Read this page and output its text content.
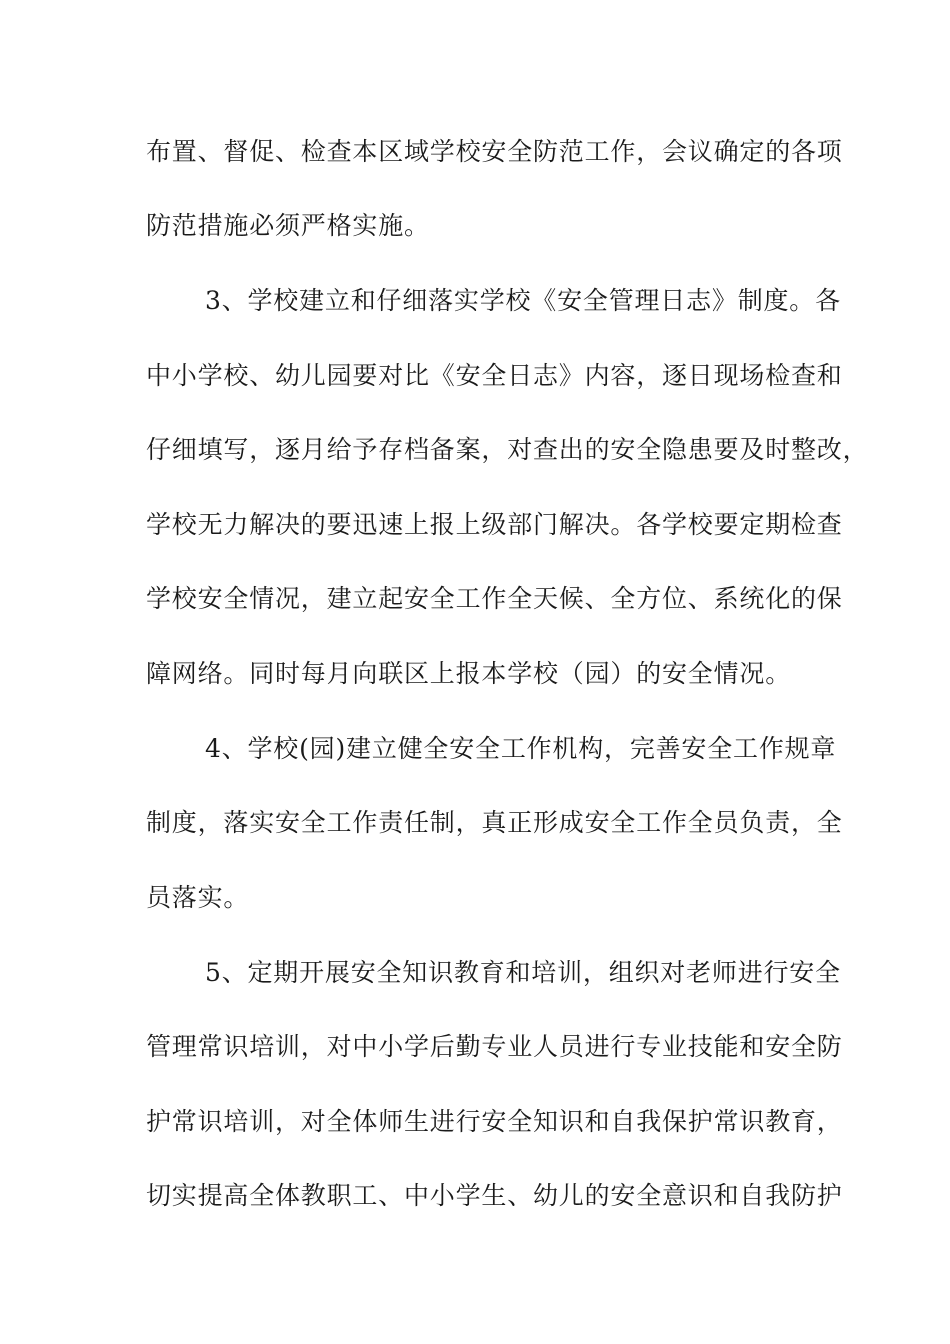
布置、督促、检查本区域学校安全防范工作，会议确定的各项
防范措施必须严格实施。
3、学校建立和仔细落实学校《安全管理日志》制度。各
中小学校、幼儿园要对比《安全日志》内容，逐日现场检查和
仔细填写，逐月给予存档备案，对查出的安全隐患要及时整改，
学校无力解决的要迅速上报上级部门解决。各学校要定期检查
学校安全情况，建立起安全工作全天候、全方位、系统化的保
障网络。同时每月向联区上报本学校（园）的安全情况。
4、学校(园)建立健全安全工作机构，完善安全工作规章
制度，落实安全工作责任制，真正形成安全工作全员负责，全
员落实。
5、定期开展安全知识教育和培训，组织对老师进行安全
管理常识培训，对中小学后勤专业人员进行专业技能和安全防
护常识培训，对全体师生进行安全知识和自我保护常识教育，
切实提高全体教职工、中小学生、幼儿的安全意识和自我防护
